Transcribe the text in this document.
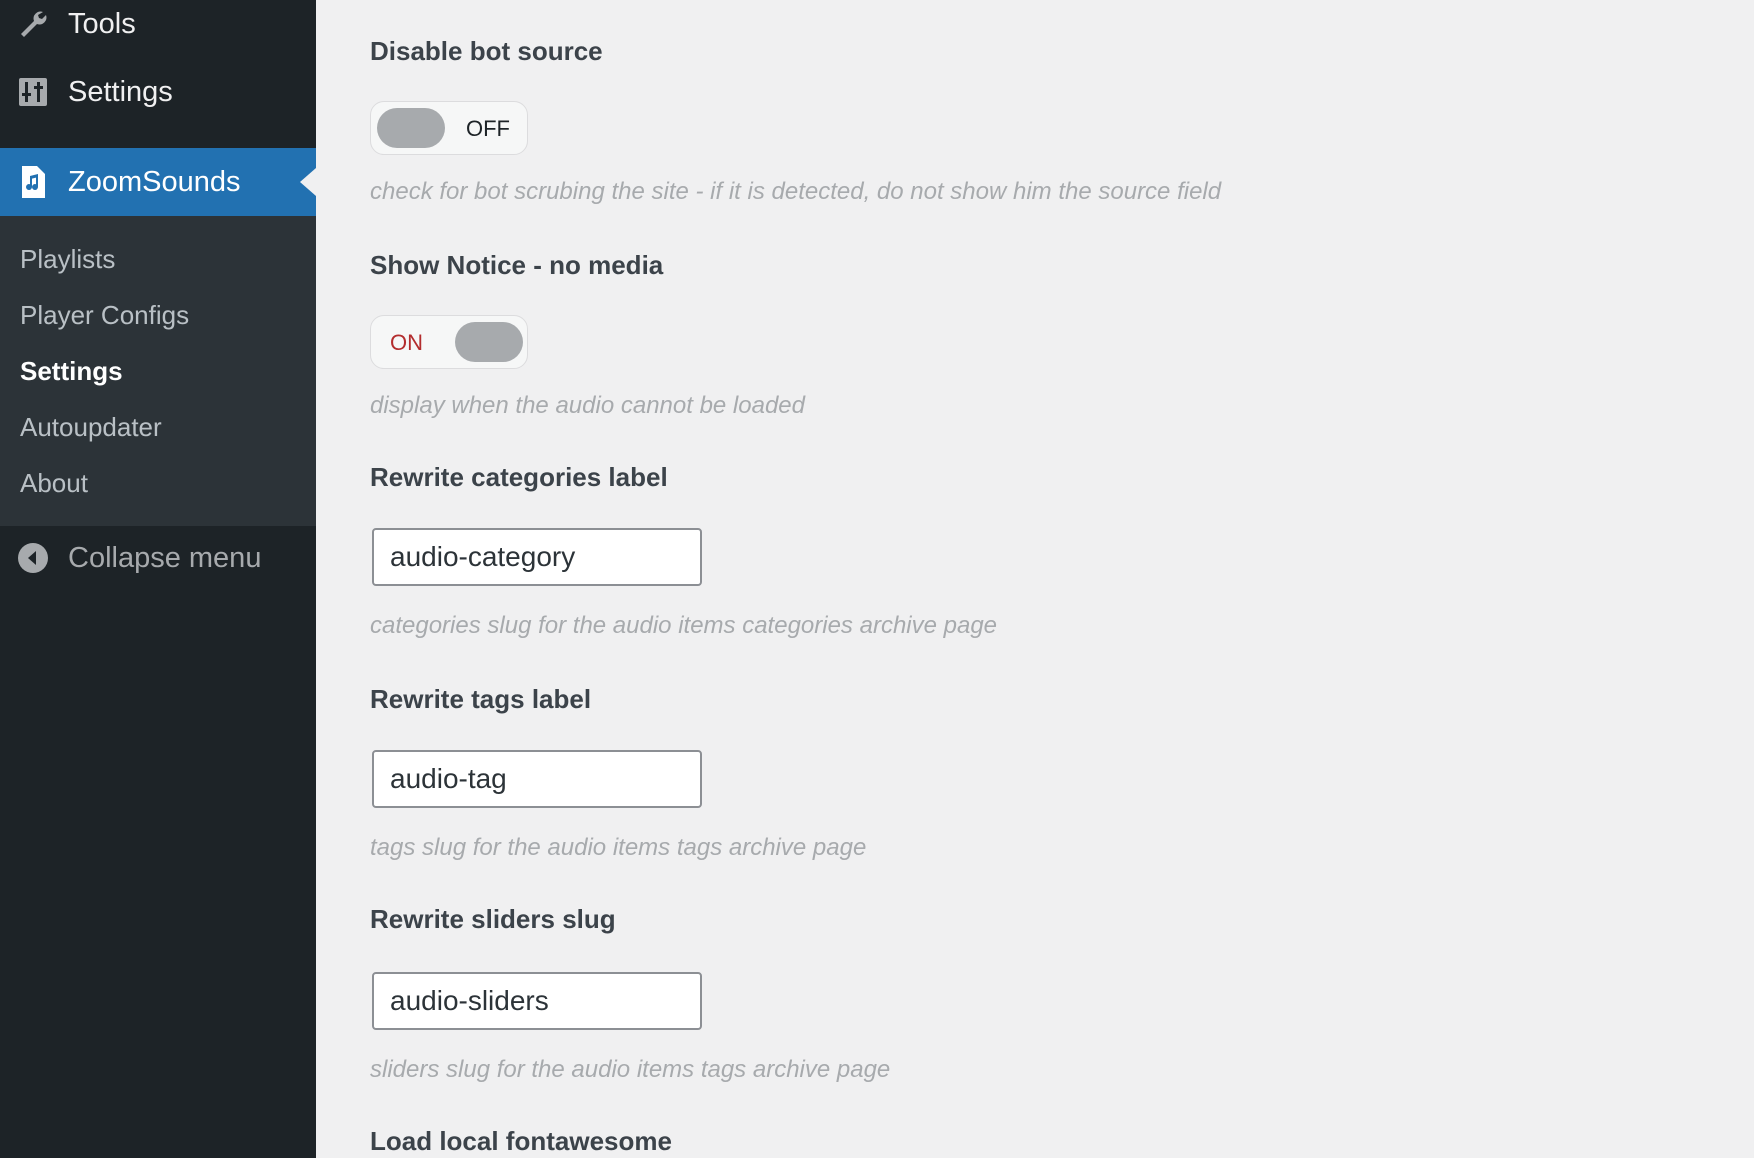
Tools
Settings
ZoomSounds
Playlists
Player Configs
Settings
Autoupdater
About
Collapse menu
Disable bot source
OFF
check for bot scrubing the site - if it is detected, do not show him the source field
Show Notice - no media
ON
display when the audio cannot be loaded
Rewrite categories label
audio-category
categories slug for the audio items categories archive page
Rewrite tags label
audio-tag
tags slug for the audio items tags archive page
Rewrite sliders slug
audio-sliders
sliders slug for the audio items tags archive page
Load local fontawesome
